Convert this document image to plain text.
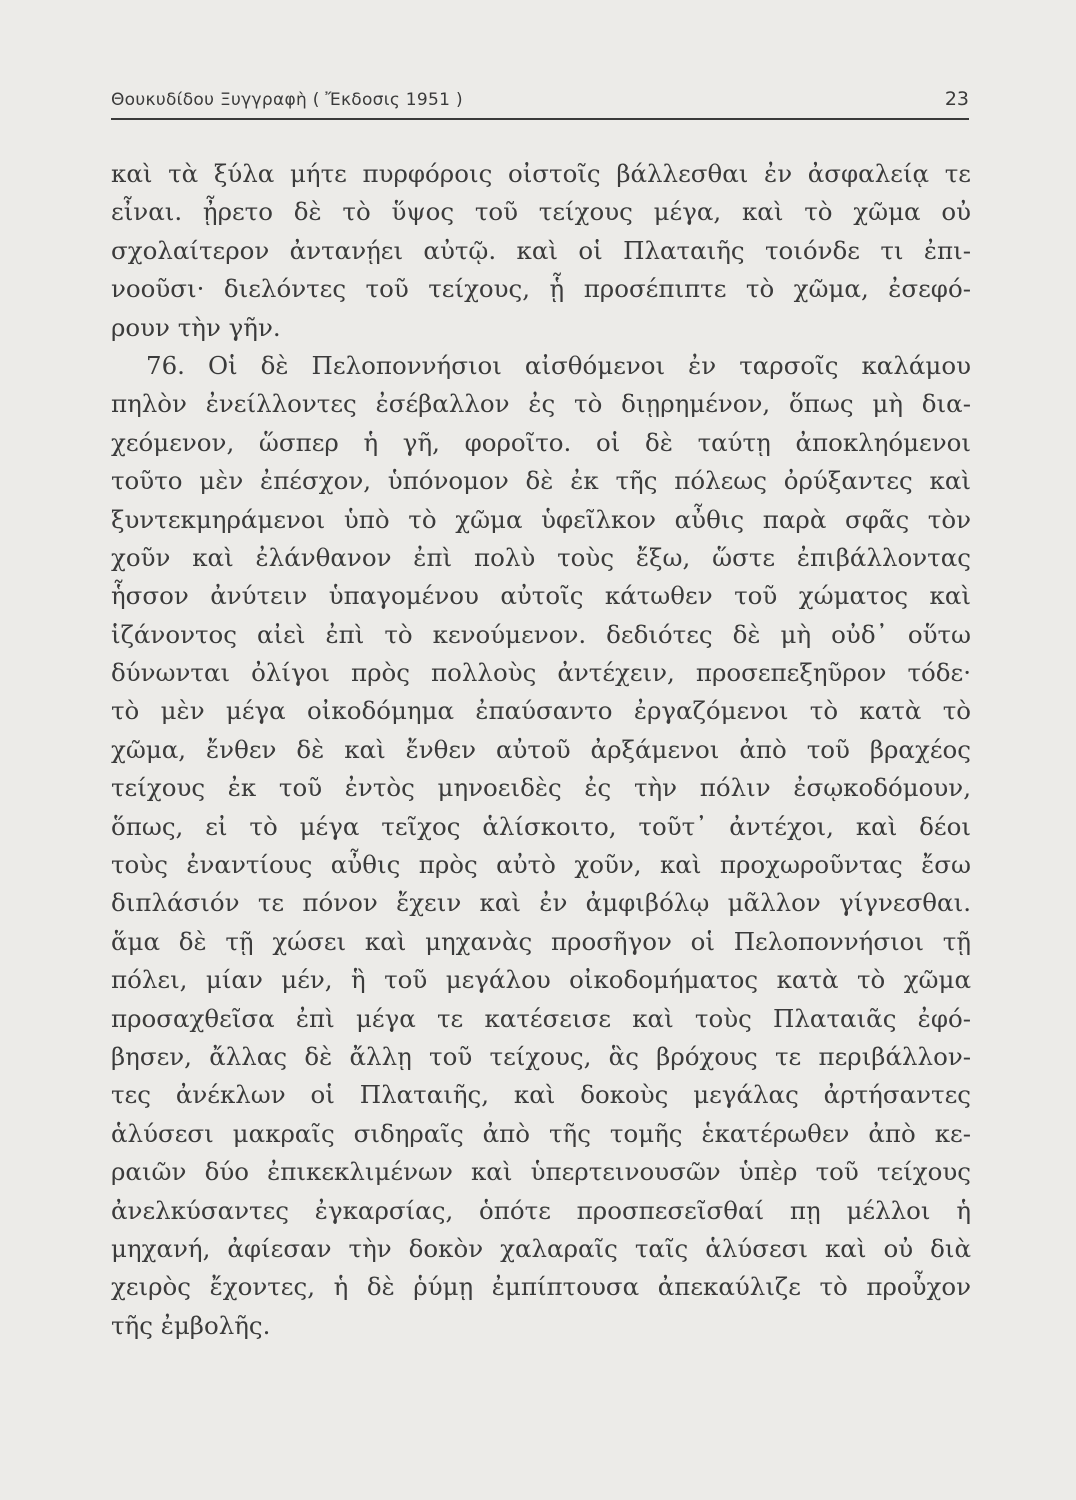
Θουκυδίδου Ξυγγραφὴ ( Ἔκδοσις 1951 )	23
καὶ τὰ ξύλα μήτε πυρφόροις οἰστοῖς βάλλεσθαι ἐν ἀσφαλείᾳ τε
εἶναι. ᾖρετο δὲ τὸ ὕψος τοῦ τείχους μέγα, καὶ τὸ χῶμα οὐ
σχολαίτερον ἀντανῄει αὐτῷ. καὶ οἱ Πλαταιῆς τοιόνδε τι ἐπι-
νοοῦσι· διελόντες τοῦ τείχους, ᾗ προσέπιπτε τὸ χῶμα, ἐσεφό-
ρουν τὴν γῆν.
76. Οἱ δὲ Πελοποννήσιοι αἰσθόμενοι ἐν ταρσοῖς καλάμου
πηλὸν ἐνείλλοντες ἐσέβαλλον ἐς τὸ διῃρημένον, ὅπως μὴ δια-
χεόμενον, ὥσπερ ἡ γῆ, φοροῖτο. οἱ δὲ ταύτῃ ἀποκληόμενοι
τοῦτο μὲν ἐπέσχον, ὑπόνομον δὲ ἐκ τῆς πόλεως ὀρύξαντες καὶ
ξυντεκμηράμενοι ὑπὸ τὸ χῶμα ὑφεῖλκον αὖθις παρὰ σφᾶς τὸν
χοῦν καὶ ἐλάνθανον ἐπὶ πολὺ τοὺς ἔξω, ὥστε ἐπιβάλλοντας
ἧσσον ἀνύτειν ὑπαγομένου αὐτοῖς κάτωθεν τοῦ χώματος καὶ
ἱζάνοντος αἰεὶ ἐπὶ τὸ κενούμενον. δεδιότες δὲ μὴ οὐδ᾽ οὕτω
δύνωνται ὀλίγοι πρὸς πολλοὺς ἀντέχειν, προσεπεξηῦρον τόδε·
τὸ μὲν μέγα οἰκοδόμημα ἐπαύσαντο ἐργαζόμενοι τὸ κατὰ τὸ
χῶμα, ἔνθεν δὲ καὶ ἔνθεν αὐτοῦ ἀρξάμενοι ἀπὸ τοῦ βραχέος
τείχους ἐκ τοῦ ἐντὸς μηνοειδὲς ἐς τὴν πόλιν ἐσῳκοδόμουν,
ὅπως, εἰ τὸ μέγα τεῖχος ἁλίσκοιτο, τοῦτ᾽ ἀντέχοι, καὶ δέοι
τοὺς ἐναντίους αὖθις πρὸς αὐτὸ χοῦν, καὶ προχωροῦντας ἔσω
διπλάσιόν τε πόνον ἔχειν καὶ ἐν ἀμφιβόλῳ μᾶλλον γίγνεσθαι.
ἅμα δὲ τῇ χώσει καὶ μηχανὰς προσῆγον οἱ Πελοποννήσιοι τῇ
πόλει, μίαν μέν, ἣ τοῦ μεγάλου οἰκοδομήματος κατὰ τὸ χῶμα
προσαχθεῖσα ἐπὶ μέγα τε κατέσεισε καὶ τοὺς Πλαταιᾶς ἐφό-
βησεν, ἄλλας δὲ ἄλλῃ τοῦ τείχους, ἃς βρόχους τε περιβάλλον-
τες ἀνέκλων οἱ Πλαταιῆς, καὶ δοκοὺς μεγάλας ἀρτήσαντες
ἁλύσεσι μακραῖς σιδηραῖς ἀπὸ τῆς τομῆς ἑκατέρωθεν ἀπὸ κε-
ραιῶν δύο ἐπικεκλιμένων καὶ ὑπερτεινουσῶν ὑπὲρ τοῦ τείχους
ἀνελκύσαντες ἐγκαρσίας, ὁπότε προσπεσεῖσθαί πῃ μέλλοι ἡ
μηχανή, ἀφίεσαν τὴν δοκὸν χαλαραῖς ταῖς ἁλύσεσι καὶ οὐ διὰ
χειρὸς ἔχοντες, ἡ δὲ ῥύμῃ ἐμπίπτουσα ἀπεκαύλιζε τὸ προὖχον
τῆς ἐμβολῆς.
